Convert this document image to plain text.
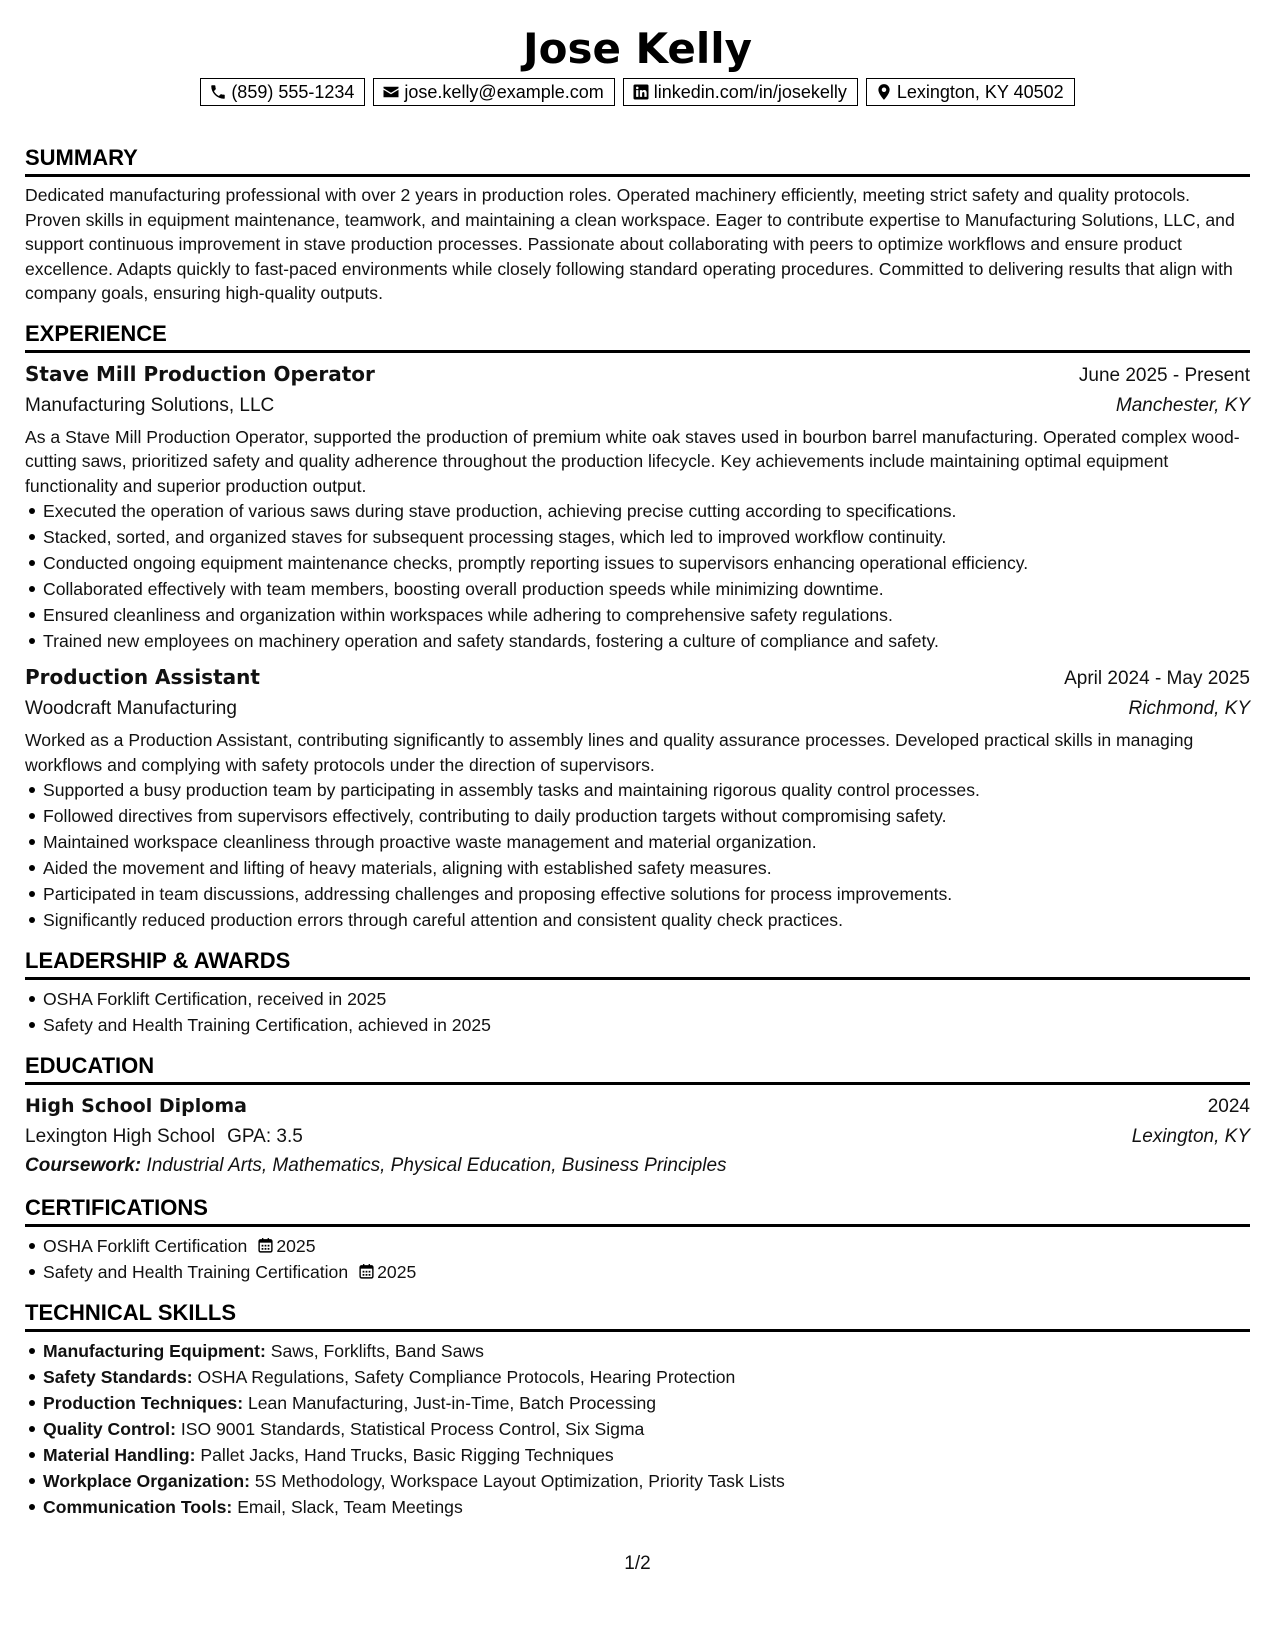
Jose Kelly
(859) 555-1234	jose.kelly@example.com	linkedin.com/in/josekelly	Lexington, KY 40502
SUMMARY

Dedicated manufacturing professional with over 2 years in production roles. Operated machinery efficiently, meeting strict safety and quality protocols. Proven skills in equipment maintenance, teamwork, and maintaining a clean workspace. Eager to contribute expertise to Manufacturing Solutions, LLC, and support continuous improvement in stave production processes. Passionate about collaborating with peers to optimize workflows and ensure product excellence. Adapts quickly to fast-paced environments while closely following standard operating procedures. Committed to delivering results that align with company goals, ensuring high-quality outputs.

EXPERIENCE
Stave Mill Production Operator	June 2025 - Present
Manufacturing Solutions, LLC	Manchester, KY
As a Stave Mill Production Operator, supported the production of premium white oak staves used in bourbon barrel manufacturing. Operated complex wood-cutting saws, prioritized safety and quality adherence throughout the production lifecycle. Key achievements include maintaining optimal equipment functionality and superior production output.
Executed the operation of various saws during stave production, achieving precise cutting according to specifications.
Stacked, sorted, and organized staves for subsequent processing stages, which led to improved workflow continuity.
Conducted ongoing equipment maintenance checks, promptly reporting issues to supervisors enhancing operational efficiency.
Collaborated effectively with team members, boosting overall production speeds while minimizing downtime.
Ensured cleanliness and organization within workspaces while adhering to comprehensive safety regulations.
Trained new employees on machinery operation and safety standards, fostering a culture of compliance and safety.
Production Assistant	April 2024 - May 2025
Woodcraft Manufacturing	Richmond, KY
Worked as a Production Assistant, contributing significantly to assembly lines and quality assurance processes. Developed practical skills in managing workflows and complying with safety protocols under the direction of supervisors.
Supported a busy production team by participating in assembly tasks and maintaining rigorous quality control processes.
Followed directives from supervisors effectively, contributing to daily production targets without compromising safety.
Maintained workspace cleanliness through proactive waste management and material organization.
Aided the movement and lifting of heavy materials, aligning with established safety measures.
Participated in team discussions, addressing challenges and proposing effective solutions for process improvements.
Significantly reduced production errors through careful attention and consistent quality check practices.
LEADERSHIP & AWARDS
OSHA Forklift Certification, received in 2025
Safety and Health Training Certification, achieved in 2025
EDUCATION
High School Diploma	2024
Lexington High School GPA: 3.5	Lexington, KY
Coursework: Industrial Arts, Mathematics, Physical Education, Business Principles
CERTIFICATIONS
OSHA Forklift Certification 2025
Safety and Health Training Certification 2025
TECHNICAL SKILLS
Manufacturing Equipment: Saws, Forklifts, Band Saws
Safety Standards: OSHA Regulations, Safety Compliance Protocols, Hearing Protection
Production Techniques: Lean Manufacturing, Just-in-Time, Batch Processing
Quality Control: ISO 9001 Standards, Statistical Process Control, Six Sigma
Material Handling: Pallet Jacks, Hand Trucks, Basic Rigging Techniques
Workplace Organization: 5S Methodology, Workspace Layout Optimization, Priority Task Lists
Communication Tools: Email, Slack, Team Meetings
1/2
